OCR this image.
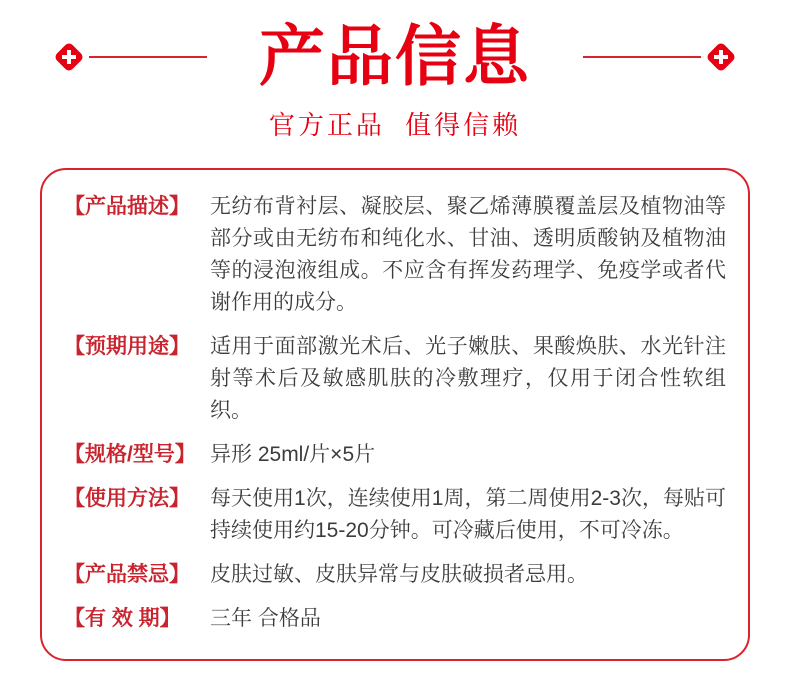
产品信息
官方正品 值得信赖
【产品描述】 无纺布背衬层、凝胶层、聚乙烯薄膜覆盖层及植物油等部分或由无纺布和纯化水、甘油、透明质酸钠及植物油等的浸泡液组成。不应含有挥发药理学、免疫学或者代谢作用的成分。
【预期用途】 适用于面部激光术后、光子嫩肤、果酸焕肤、水光针注射等术后及敏感肌肤的冷敷理疗，仅用于闭合性软组织。
【规格/型号】 异形 25ml/片×5片
【使用方法】 每天使用1次，连续使用1周，第二周使用2-3次，每贴可持续使用约15-20分钟。可冷藏后使用，不可冷冻。
【产品禁忌】 皮肤过敏、皮肤异常与皮肤破损者忌用。
【有 效 期】	三年 合格品
